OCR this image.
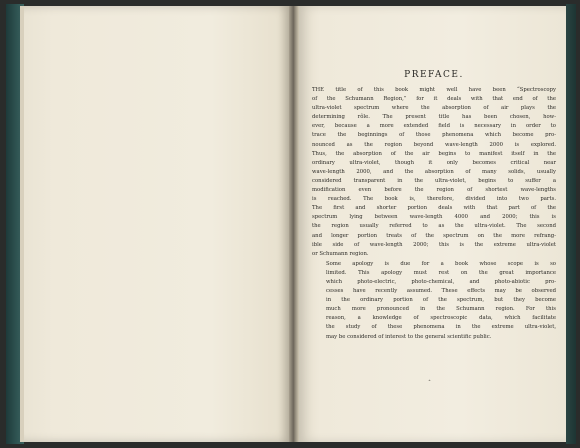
PREFACE.

THE title of this book might well have been “Spectroscopy
of the Schumann Region,” for it deals with that end of the
ultra-violet spectrum where the absorption of air plays the
determining rôle. The present title has been chosen, how-
ever, because a more extended field is necessary in order to
trace the beginnings of those phenomena which become pro-
nounced as the region beyond wave-length 2000 is explored.
Thus, the absorption of the air begins to manifest itself in the
ordinary ultra-violet, though it only becomes critical near
wave-length 2000, and the absorption of many solids, usually
considered transparent in the ultra-violet, begins to suffer a
modification even before the region of shortest wave-lengths
is reached. The book is, therefore, divided into two parts.
The first and shorter portion deals with that part of the
spectrum lying between wave-length 4000 and 2000; this is
the region usually referred to as the ultra-violet. The second
and longer portion treats of the spectrum on the more refrang-
ible side of wave-length 2000; this is the extreme ultra-violet
or Schumann region.

Some apology is due for a book whose scope is so
limited. This apology must rest on the great importance
which photo-electric, photo-chemical, and photo-abiotic pro-
cesses have recently assumed. These effects may be observed
in the ordinary portion of the spectrum, but they become
much more pronounced in the Schumann region. For this
reason, a knowledge of spectroscopic data, which facilitate
the study of these phenomena in the extreme ultra-violet,
may be considered of interest to the general scientific public.

ˆ
